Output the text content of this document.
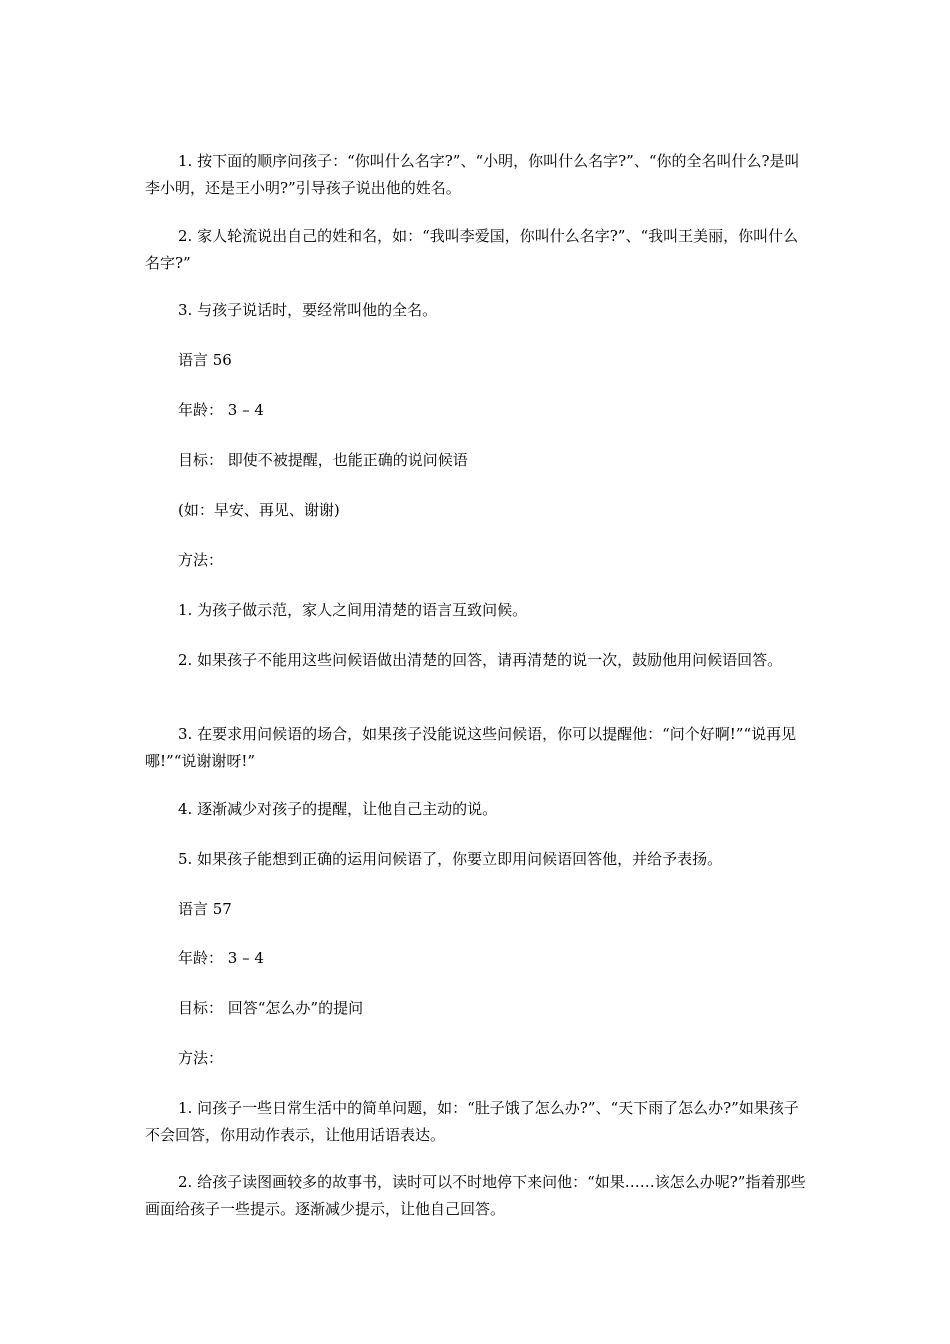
1. 按下面的顺序问孩子：“你叫什么名字?”、“小明，你叫什么名字?”、“你的全名叫什么?是叫李小明，还是王小明?”引导孩子说出他的姓名。

2. 家人轮流说出自己的姓和名，如：“我叫李爱国，你叫什么名字?”、“我叫王美丽，你叫什么名字?”

3. 与孩子说话时，要经常叫他的全名。

语言 56

年龄： 3 – 4

目标： 即使不被提醒，也能正确的说问候语

(如：早安、再见、谢谢)

方法：

1. 为孩子做示范，家人之间用清楚的语言互致问候。

2. 如果孩子不能用这些问候语做出清楚的回答，请再清楚的说一次，鼓励他用问候语回答。

3. 在要求用问候语的场合，如果孩子没能说这些问候语，你可以提醒他：“问个好啊!”“说再见哪!”“说谢谢呀!”

4. 逐渐减少对孩子的提醒，让他自己主动的说。

5. 如果孩子能想到正确的运用问候语了，你要立即用问候语回答他，并给予表扬。

语言 57

年龄： 3 – 4

目标： 回答“怎么办”的提问

方法：

1. 问孩子一些日常生活中的简单问题，如：“肚子饿了怎么办?”、“天下雨了怎么办?”如果孩子不会回答，你用动作表示，让他用话语表达。

2. 给孩子读图画较多的故事书，读时可以不时地停下来问他：“如果……该怎么办呢?”指着那些画面给孩子一些提示。逐渐减少提示，让他自己回答。
